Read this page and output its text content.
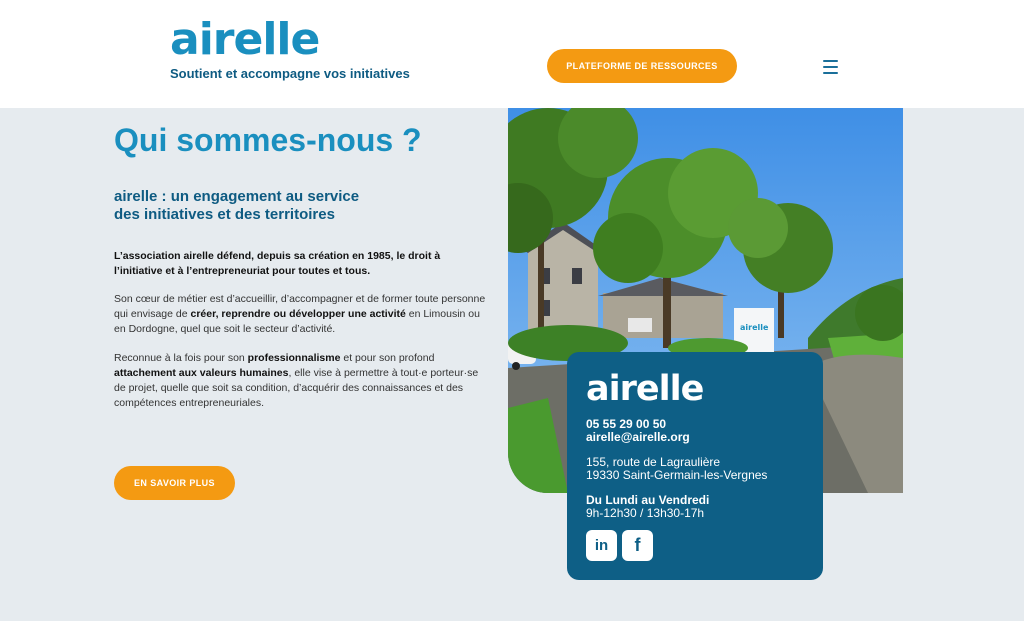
airelle
Soutient et accompagne vos initiatives	PLATEFORME DE RESSOURCES
Qui sommes-nous ?
airelle : un engagement au service
des initiatives et des territoires

L’association airelle défend, depuis sa création en 1985, le droit à l’initiative et à l’entrepreneuriat pour toutes et tous.

Son cœur de métier est d’accueillir, d’accompagner et de former toute personne qui envisage de créer, reprendre ou développer une activité en Limousin ou en Dordogne, quel que soit le secteur d’activité.

Reconnue à la fois pour son professionnalisme et pour son profond attachement aux valeurs humaines, elle vise à permettre à tout·e porteur·se de projet, quelle que soit sa condition, d’acquérir des connaissances et des compétences entrepreneuriales.

EN SAVOIR PLUS
airelle
airelle
05 55 29 00 50
airelle@airelle.org
155, route de Lagraulière
19330 Saint-Germain-les-Vergnes
Du Lundi au Vendredi
9h-12h30 / 13h30-17h
in	f
